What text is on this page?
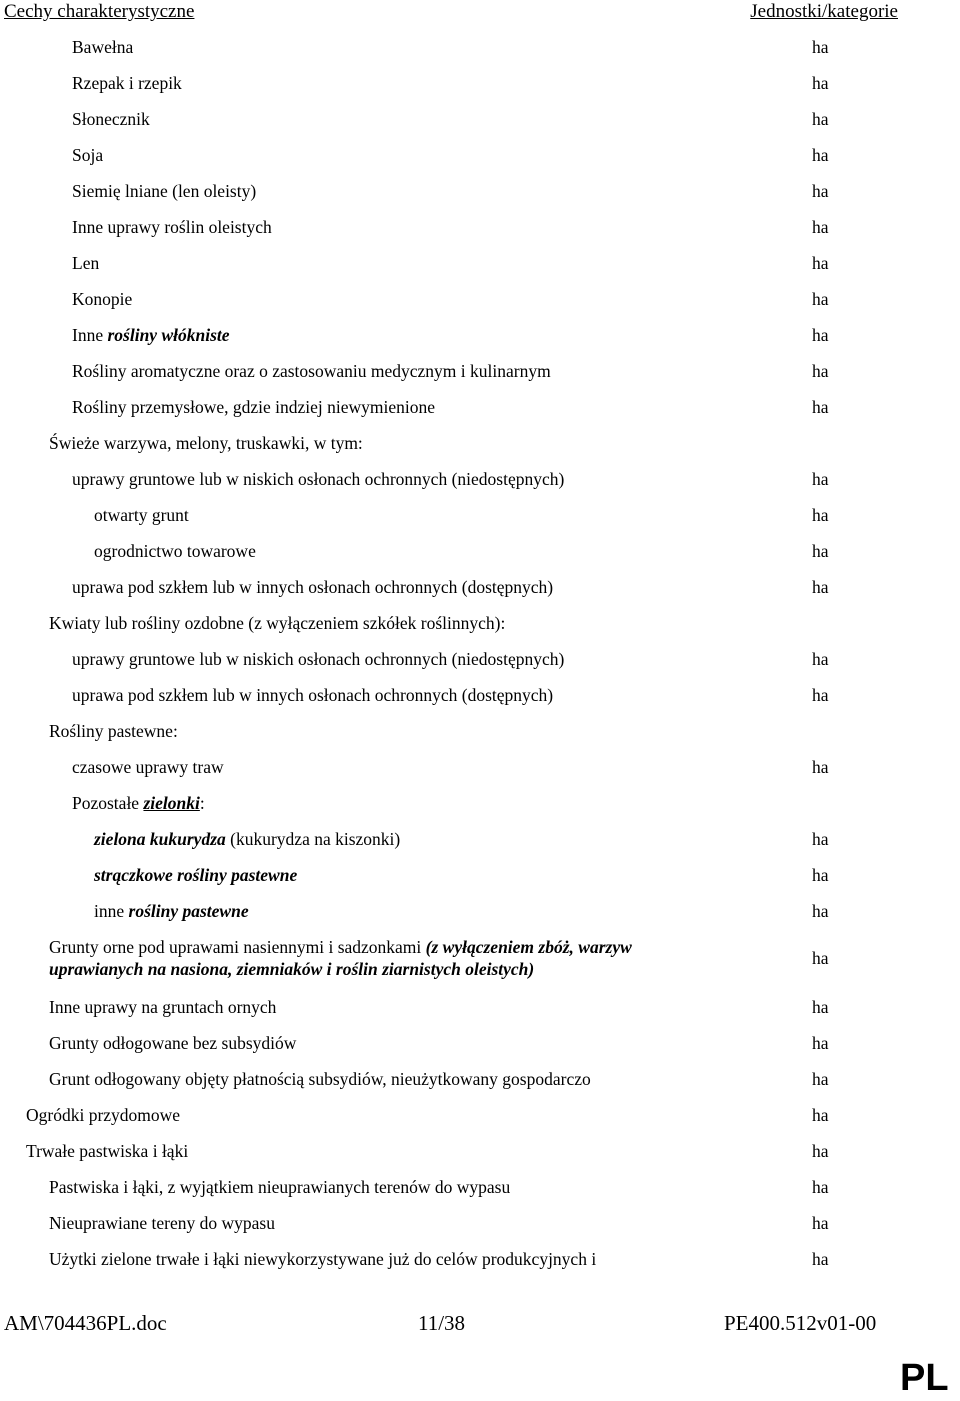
Cechy charakterystyczne	Jednostki/kategorie
Bawełna	ha
Rzepak i rzepik	ha
Słonecznik	ha
Soja	ha
Siemię lniane (len oleisty)	ha
Inne uprawy roślin oleistych	ha
Len	ha
Konopie	ha
Inne rośliny włókniste	ha
Rośliny aromatyczne oraz o zastosowaniu medycznym i kulinarnym	ha
Rośliny przemysłowe, gdzie indziej niewymienione	ha
Świeże warzywa, melony, truskawki, w tym:
uprawy gruntowe lub w niskich osłonach ochronnych (niedostępnych)	ha
otwarty grunt	ha
ogrodnictwo towarowe	ha
uprawa pod szkłem lub w innych osłonach ochronnych (dostępnych)	ha
Kwiaty lub rośliny ozdobne (z wyłączeniem szkółek roślinnych):
uprawy gruntowe lub w niskich osłonach ochronnych (niedostępnych)	ha
uprawa pod szkłem lub w innych osłonach ochronnych (dostępnych)	ha
Rośliny pastewne:
czasowe uprawy traw	ha
Pozostałe zielonki:
zielona kukurydza (kukurydza na kiszonki)	ha
strączkowe rośliny pastewne	ha
inne rośliny pastewne	ha
Grunty orne pod uprawami nasiennymi i sadzonkami (z wyłączeniem zbóż, warzyw
uprawianych na nasiona, ziemniaków i roślin ziarnistych oleistych)
ha
Inne uprawy na gruntach ornych	ha
Grunty odłogowane bez subsydiów	ha
Grunt odłogowany objęty płatnością subsydiów, nieużytkowany gospodarczo	ha
Ogródki przydomowe	ha
Trwałe pastwiska i łąki	ha
Pastwiska i łąki, z wyjątkiem nieuprawianych terenów do wypasu	ha
Nieuprawiane tereny do wypasu	ha
Użytki zielone trwałe i łąki niewykorzystywane już do celów produkcyjnych i	ha
AM\704436PL.doc	11/38	PE400.512v01-00
PL
